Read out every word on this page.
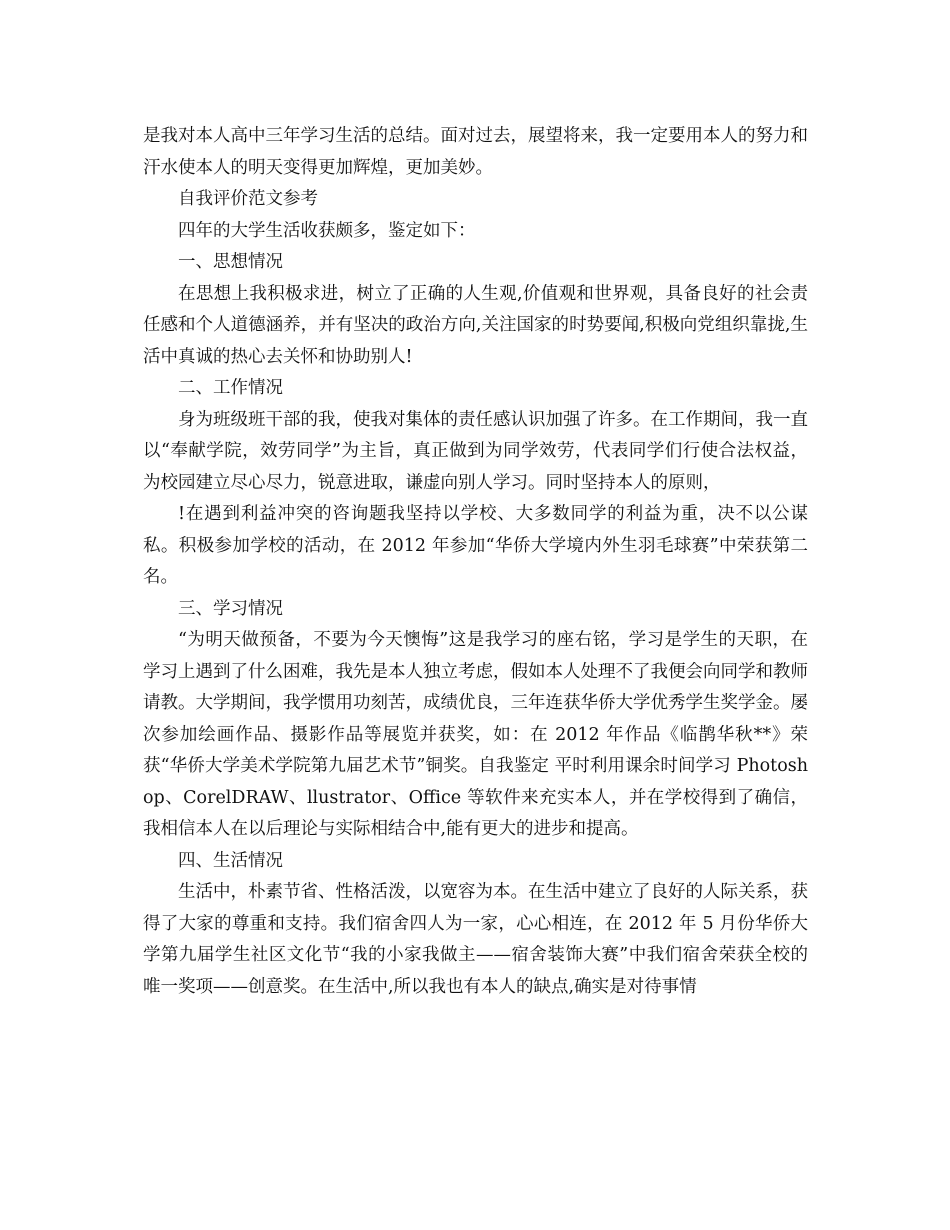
是我对本人高中三年学习生活的总结。面对过去，展望将来，我一定要用本人的努力和汗水使本人的明天变得更加辉煌，更加美妙。

自我评价范文参考

四年的大学生活收获颇多，鉴定如下：

一、思想情况

在思想上我积极求进，树立了正确的人生观,价值观和世界观，具备良好的社会责任感和个人道德涵养，并有坚决的政治方向,关注国家的时势要闻,积极向党组织靠拢,生活中真诚的热心去关怀和协助别人!

二、工作情况

身为班级班干部的我，使我对集体的责任感认识加强了许多。在工作期间，我一直以“奉献学院，效劳同学”为主旨，真正做到为同学效劳，代表同学们行使合法权益，为校园建立尽心尽力，锐意进取，谦虚向别人学习。同时坚持本人的原则，

!在遇到利益冲突的咨询题我坚持以学校、大多数同学的利益为重，决不以公谋私。积极参加学校的活动，在 2012 年参加“华侨大学境内外生羽毛球赛”中荣获第二名。

三、学习情况

“为明天做预备，不要为今天懊悔”这是我学习的座右铭，学习是学生的天职，在学习上遇到了什么困难，我先是本人独立考虑，假如本人处理不了我便会向同学和教师请教。大学期间，我学惯用功刻苦，成绩优良，三年连获华侨大学优秀学生奖学金。屡次参加绘画作品、摄影作品等展览并获奖，如：在 2012 年作品《临鹊华秋**》荣获“华侨大学美术学院第九届艺术节”铜奖。自我鉴定 平时利用课余时间学习 Photoshop、CorelDRAW、llustrator、Office 等软件来充实本人，并在学校得到了确信，我相信本人在以后理论与实际相结合中,能有更大的进步和提高。

四、生活情况

生活中，朴素节省、性格活泼，以宽容为本。在生活中建立了良好的人际关系，获得了大家的尊重和支持。我们宿舍四人为一家，心心相连，在 2012 年 5 月份华侨大学第九届学生社区文化节“我的小家我做主——宿舍装饰大赛”中我们宿舍荣获全校的唯一奖项——创意奖。在生活中,所以我也有本人的缺点,确实是对待事情
